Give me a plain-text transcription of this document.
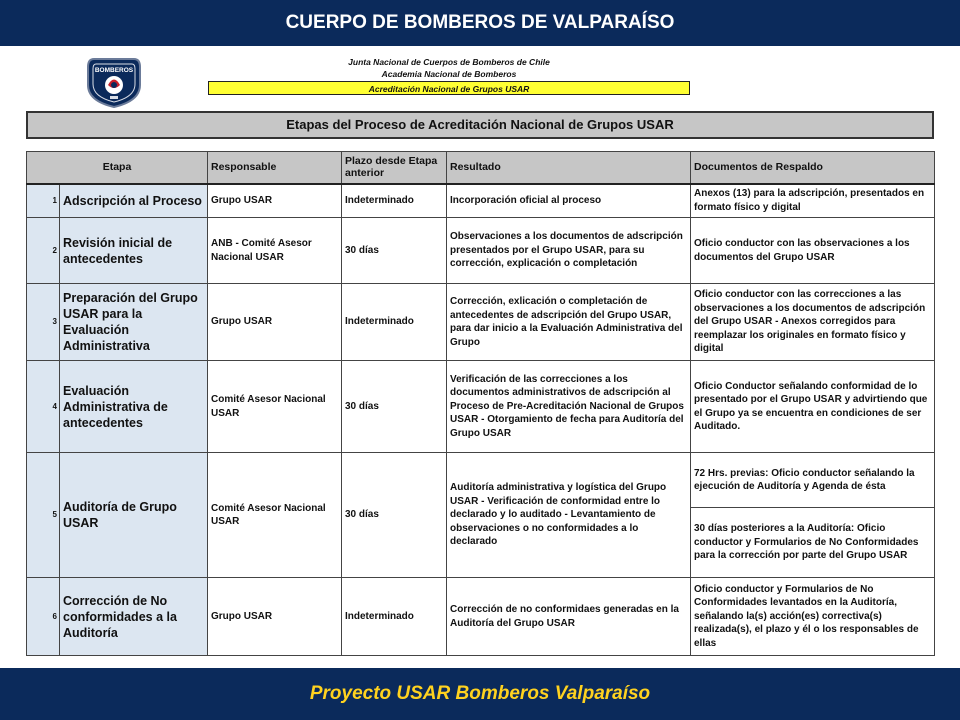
CUERPO DE BOMBEROS DE VALPARAÍSO
BOMBEROS
Junta Nacional de Cuerpos de Bomberos de Chile
Academia Nacional de Bomberos
Acreditación Nacional de Grupos USAR
Etapas del Proceso de Acreditación Nacional de Grupos USAR
Etapa		Responsable	Plazo desde Etapa anterior	Resultado	Documentos de Respaldo
1	Adscripción al Proceso	Grupo USAR	Indeterminado	Incorporación oficial al proceso	Anexos (13) para la adscripción, presentados en formato físico y digital
2	Revisión inicial de antecedentes	ANB - Comité Asesor Nacional USAR	30 días	Observaciones a los documentos de adscripción presentados por el Grupo USAR, para su corrección, explicación o completación	Oficio conductor con las observaciones a los documentos del Grupo USAR
3	Preparación del Grupo USAR para la Evaluación Administrativa	Grupo USAR	Indeterminado	Corrección, exlicación o completación de antecedentes de adscripción del Grupo USAR, para dar inicio a la Evaluación Administrativa del Grupo	Oficio conductor con las correcciones a las observaciones a los documentos de adscripción del Grupo USAR - Anexos corregidos para reemplazar los originales en formato físico y digital
4	Evaluación Administrativa de antecedentes	Comité Asesor Nacional USAR	30 días	Verificación de las correcciones a los documentos administrativos de adscripción al Proceso de Pre-Acreditación Nacional de Grupos USAR - Otorgamiento de fecha para Auditoría del Grupo USAR	Oficio Conductor señalando conformidad de lo presentado por el Grupo USAR y advirtiendo que el Grupo ya se encuentra en condiciones de ser Auditado.
5	Auditoría de Grupo USAR	Comité Asesor Nacional USAR	30 días	Auditoría administrativa y logística del Grupo USAR - Verificación de conformidad entre lo declarado y lo auditado - Levantamiento de observaciones o no conformidades a lo declarado	72 Hrs. previas: Oficio conductor señalando la ejecución de Auditoría y Agenda de ésta
					30 días posteriores a la Auditoría: Oficio conductor y Formularios de No Conformidades para la corrección por parte del Grupo USAR
6	Corrección de No conformidades a la Auditoría	Grupo USAR	Indeterminado	Corrección de no conformidaes generadas en la Auditoría del Grupo USAR	Oficio conductor y Formularios de No Conformidades levantados en la Auditoría, señalando la(s) acción(es) correctiva(s) realizada(s), el plazo y él o los responsables de ellas
Proyecto USAR Bomberos Valparaíso
